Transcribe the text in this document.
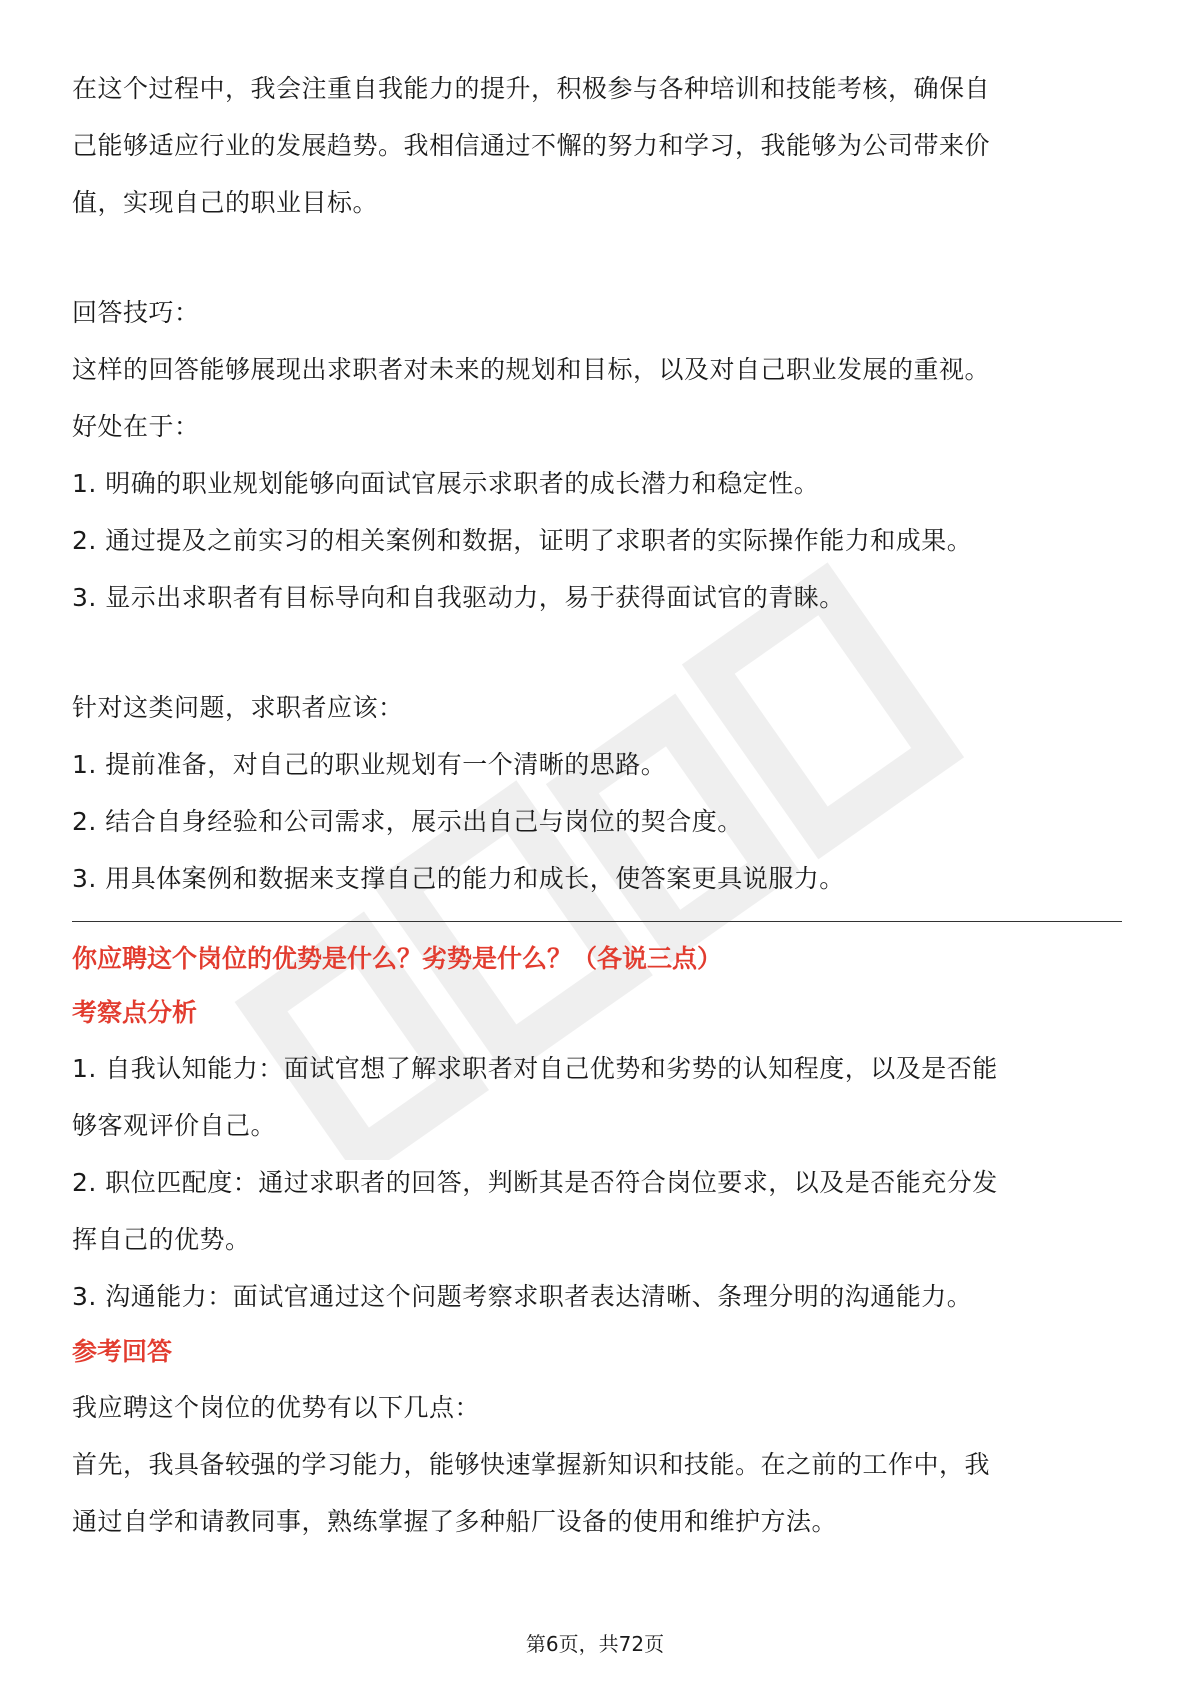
在这个过程中，我会注重自我能力的提升，积极参与各种培训和技能考核，确保自

己能够适应行业的发展趋势。我相信通过不懈的努力和学习，我能够为公司带来价

值，实现自己的职业目标。

回答技巧：

这样的回答能够展现出求职者对未来的规划和目标，以及对自己职业发展的重视。

好处在于：

1. 明确的职业规划能够向面试官展示求职者的成长潜力和稳定性。

2. 通过提及之前实习的相关案例和数据，证明了求职者的实际操作能力和成果。

3. 显示出求职者有目标导向和自我驱动力，易于获得面试官的青睐。

针对这类问题，求职者应该：

1. 提前准备，对自己的职业规划有一个清晰的思路。

2. 结合自身经验和公司需求，展示出自己与岗位的契合度。

3. 用具体案例和数据来支撑自己的能力和成长，使答案更具说服力。

你应聘这个岗位的优势是什么？劣势是什么？（各说三点）

考察点分析

1. 自我认知能力：面试官想了解求职者对自己优势和劣势的认知程度，以及是否能

够客观评价自己。

2. 职位匹配度：通过求职者的回答，判断其是否符合岗位要求，以及是否能充分发

挥自己的优势。

3. 沟通能力：面试官通过这个问题考察求职者表达清晰、条理分明的沟通能力。

参考回答

我应聘这个岗位的优势有以下几点：

首先，我具备较强的学习能力，能够快速掌握新知识和技能。在之前的工作中，我

通过自学和请教同事，熟练掌握了多种船厂设备的使用和维护方法。

第6页，共72页
